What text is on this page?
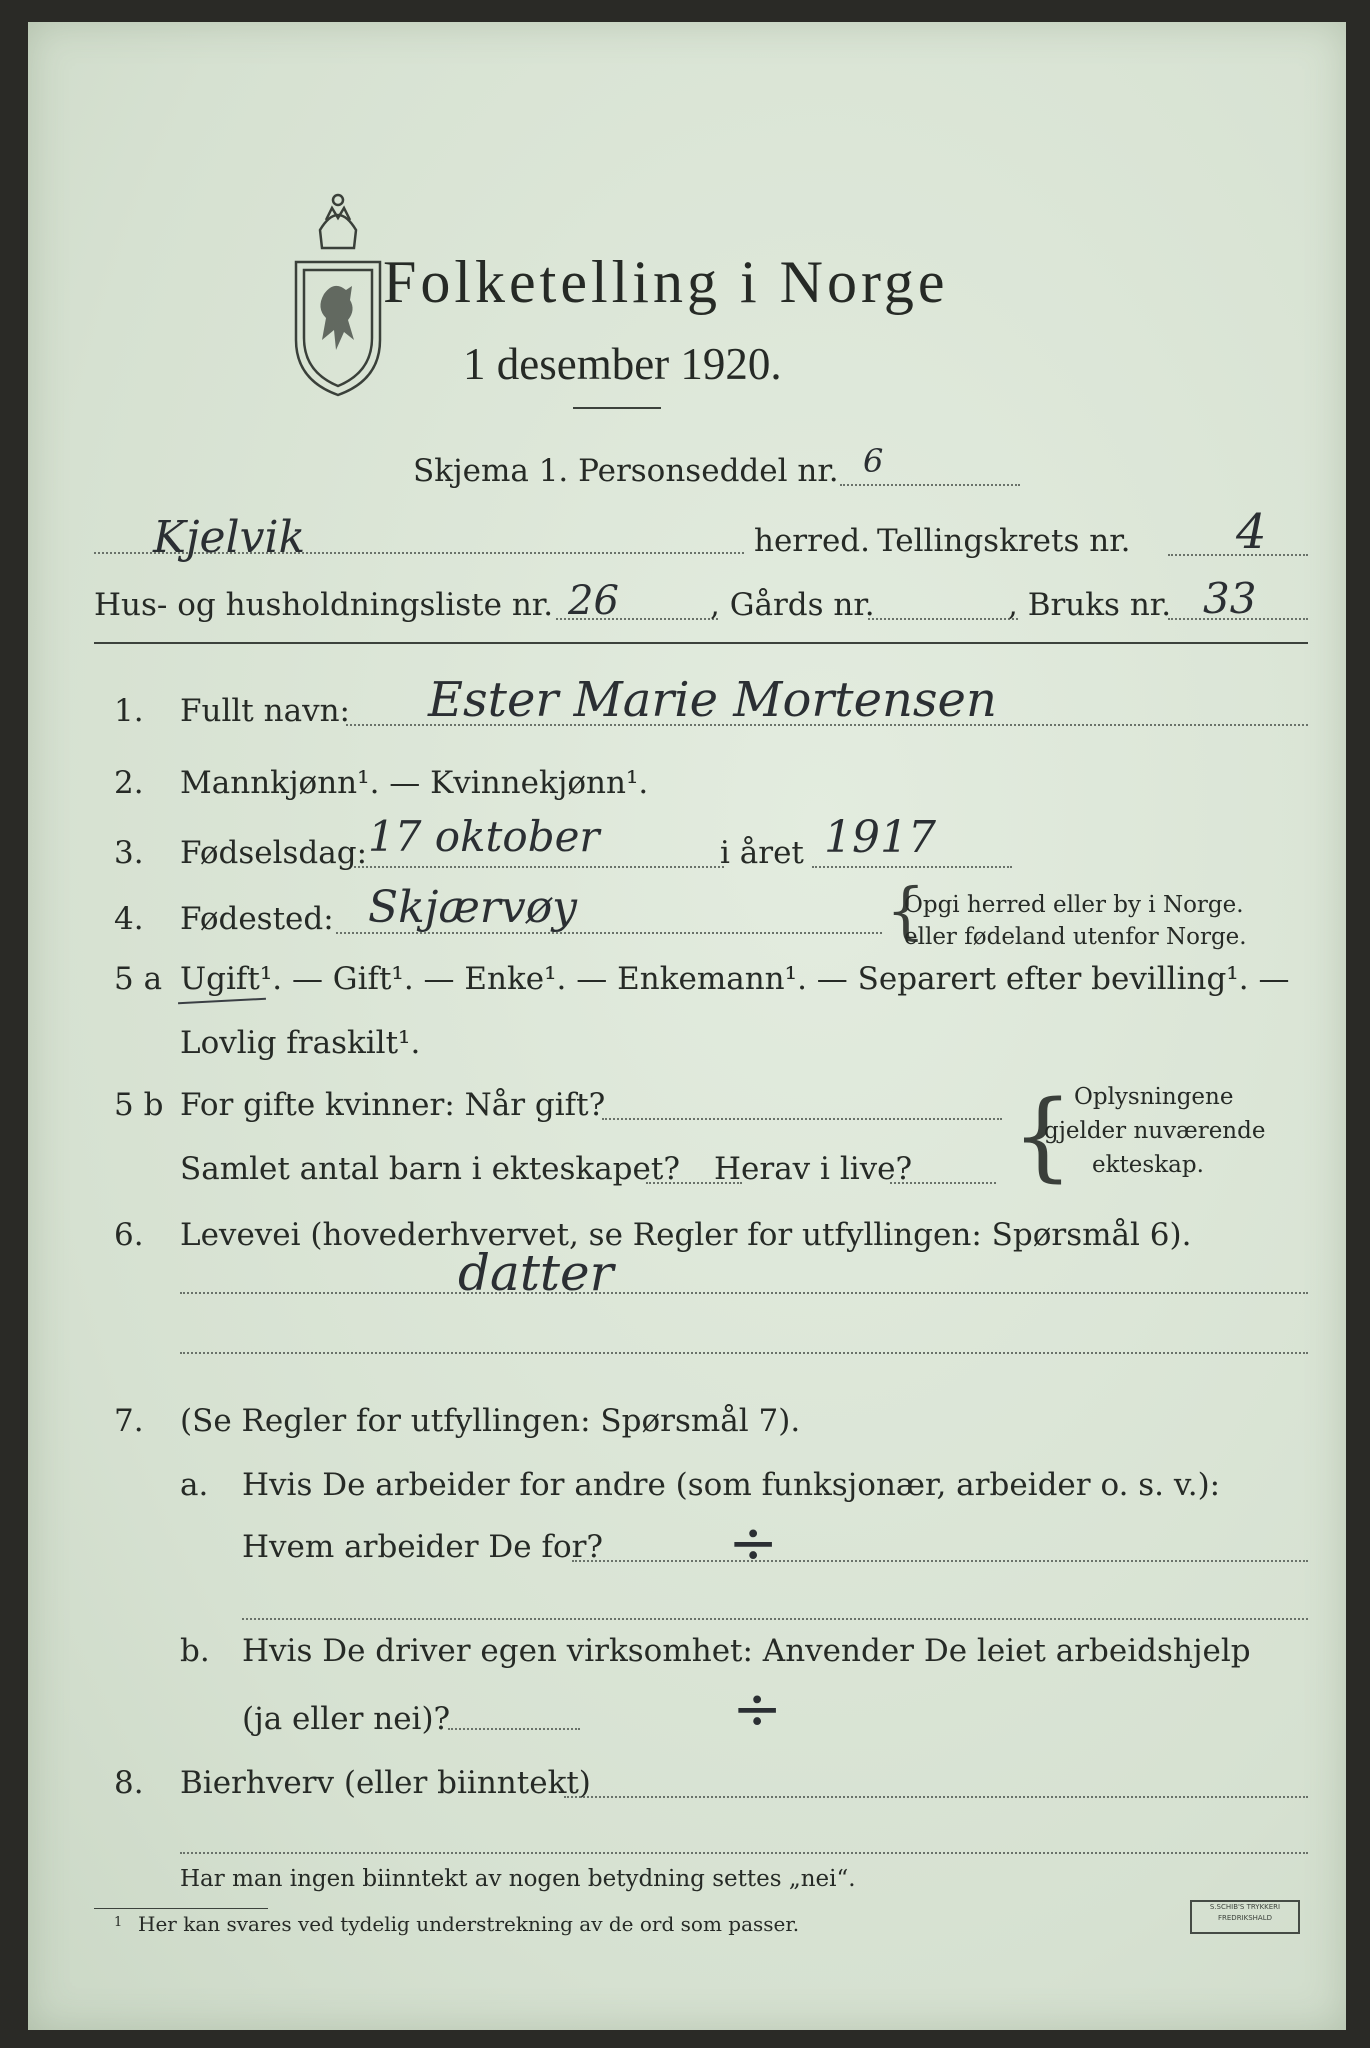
Folketelling i Norge
1 desember 1920.
Skjema 1. Personseddel nr. 6
Kjelvik	herred. Tellingskrets nr. 4
Hus- og husholdningsliste nr. 26	, Gårds nr.	, Bruks nr. 33
1. Fullt navn: Ester Marie Mortensen
2. Mannkjønn¹. — Kvinnekjønn¹.
3. Fødselsdag: 17 oktober	i året 1917
4. Fødested: Skjærvøy	{
Opgi herred eller by i Norge.
eller fødeland utenfor Norge.
5 a Ugift¹. — Gift¹. — Enke¹. — Enkemann¹. — Separert efter bevilling¹. —
Lovlig fraskilt¹.
5 b For gifte kvinner: Når gift?
Samlet antal barn i ekteskapet? Herav i live? { Oplysningene
gjelder nuværende
ekteskap.
6. Levevei (hovederhvervet, se Regler for utfyllingen: Spørsmål 6).
datter
7. (Se Regler for utfyllingen: Spørsmål 7).
a. Hvis De arbeider for andre (som funksjonær, arbeider o. s. v.):
Hvem arbeider De for? ÷
b. Hvis De driver egen virksomhet: Anvender De leiet arbeidshjelp
(ja eller nei)?	÷
8. Bierhverv (eller biinntekt)
Har man ingen biinntekt av nogen betydning settes „nei“.
1 Her kan svares ved tydelig understrekning av de ord som passer.
S.SCHIB'S TRYKKERI
FREDRIKSHALD
